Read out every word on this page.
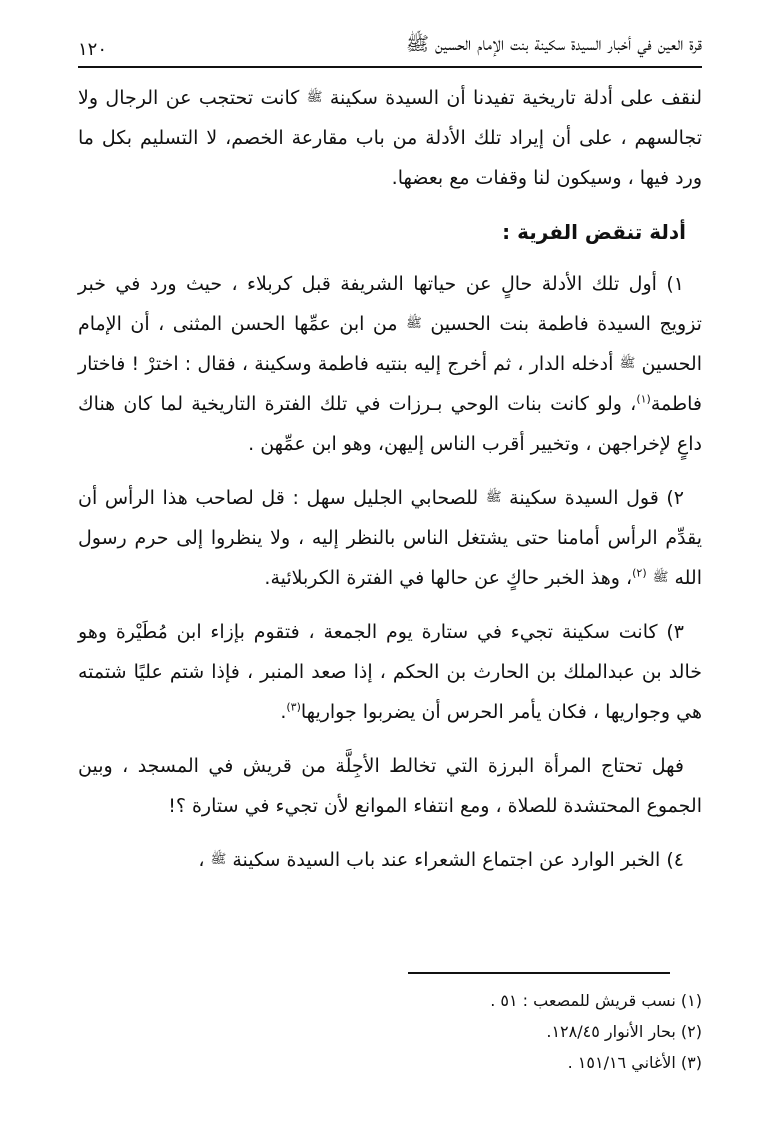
قرة العين في أخبار السيدة سكينة بنت الإمام الحسين ﷺ
١٢٠

لنقف على أدلة تاريخية تفيدنا أن السيدة سكينة ﷺ كانت تحتجب عن الرجال ولا تجالسهم ، على أن إيراد تلك الأدلة من باب مقارعة الخصم، لا التسليم بكل ما ورد فيها ، وسيكون لنا وقفات مع بعضها.

أدلة تنقض الفرية :

١) أول تلك الأدلة حالٍ عن حياتها الشريفة قبل كربلاء ، حيث ورد في خبر تزويج السيدة فاطمة بنت الحسين ﷺ من ابن عمِّها الحسن المثنى ، أن الإمام الحسين ﷺ أدخله الدار ، ثم أخرج إليه بنتيه فاطمة وسكينة ، فقال : اخترْ ! فاختار فاطمة$^{(١)}$، ولو كانت بنات الوحي بـرزات في تلك الفترة التاريخية لما كان هناك داعٍ لإخراجهن ، وتخيير أقرب الناس إليهن، وهو ابن عمِّهن .

٢) قول السيدة سكينة ﷺ للصحابي الجليل سهل : قل لصاحب هذا الرأس أن يقدِّم الرأس أمامنا حتى يشتغل الناس بالنظر إليه ، ولا ينظروا إلى حرم رسول الله ﷺ $^{(٢)}$، وهذ الخبر حاكٍ عن حالها في الفترة الكربلائية.

٣) كانت سكينة تجيء في ستارة يوم الجمعة ، فتقوم بإزاء ابن مُطَيْرة وهو خالد بن عبدالملك بن الحارث بن الحكم ، إذا صعد المنبر ، فإذا شتم عليًا شتمته هي وجواريها ، فكان يأمر الحرس أن يضربوا جواريها$^{(٣)}$.

فهل تحتاج المرأة البرزة التي تخالط الأجِلَّة من قريش في المسجد ، وبين الجموع المحتشدة للصلاة ، ومع انتفاء الموانع لأن تجيء في ستارة ؟!

٤) الخبر الوارد عن اجتماع الشعراء عند باب السيدة سكينة ﷺ ،

(١) نسب قريش للمصعب : ٥١ .

(٢) بحار الأنوار ١٢٨/٤٥.

(٣) الأغاني ١٥١/١٦ .
